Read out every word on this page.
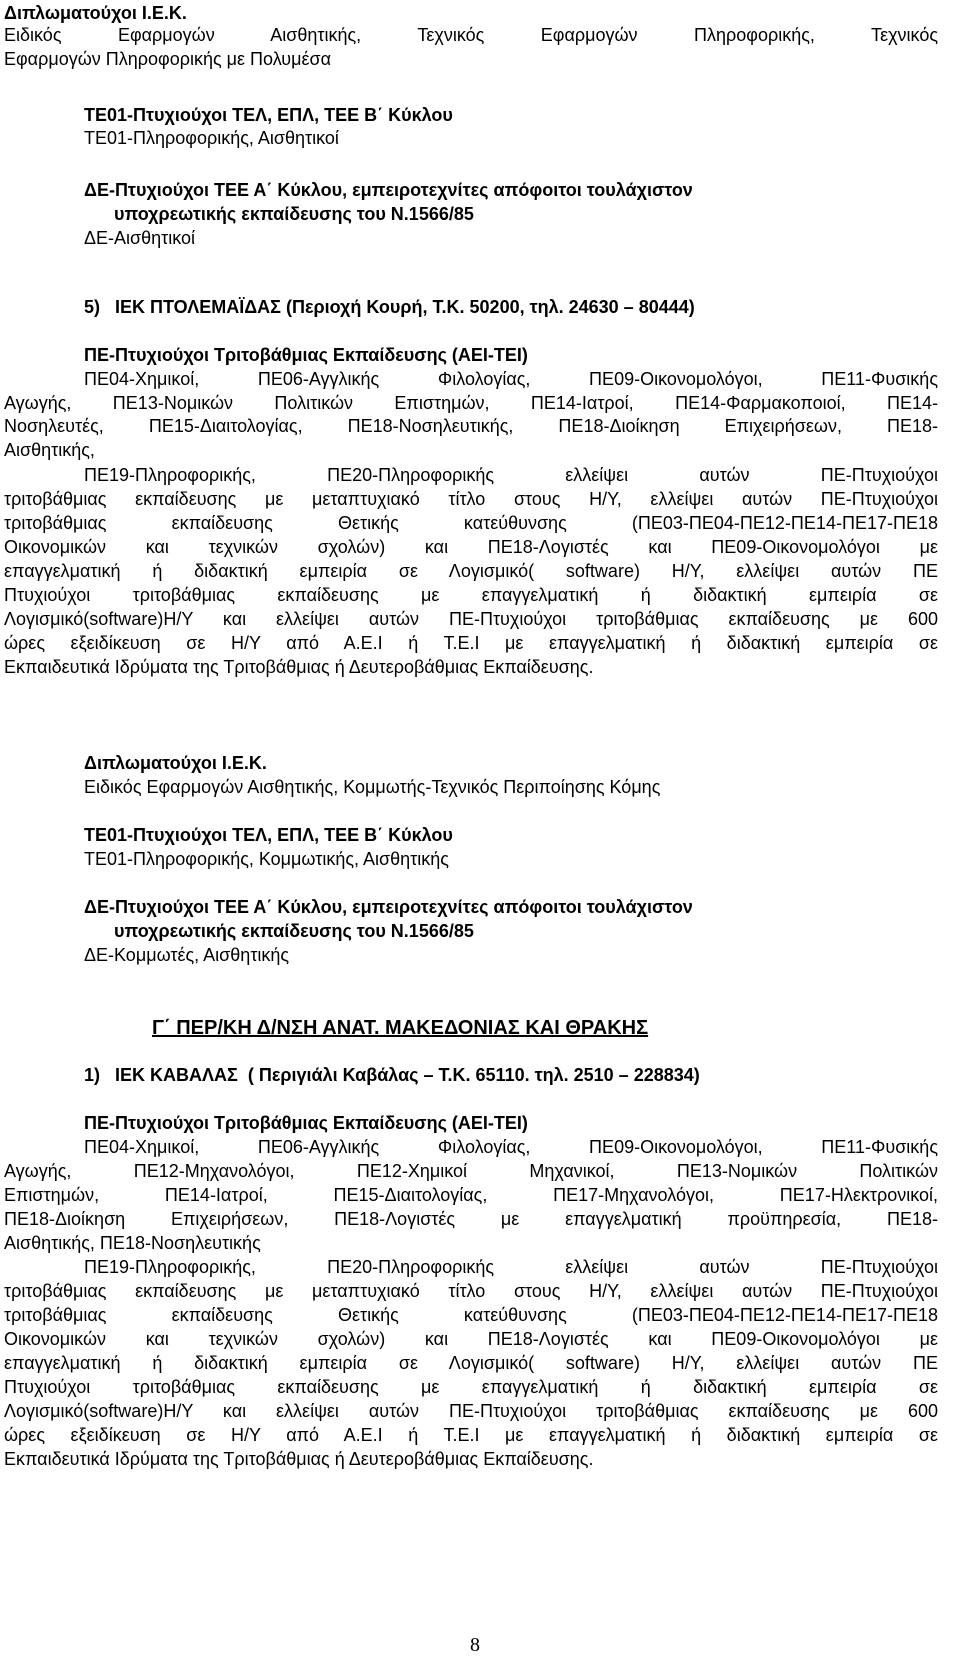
Διπλωματούχοι Ι.Ε.Κ.
Ειδικός Εφαρμογών Αισθητικής, Τεχνικός Εφαρμογών Πληροφορικής, Τεχνικός
Εφαρμογών Πληροφορικής με Πολυμέσα
ΤΕ01-Πτυχιούχοι ΤΕΛ, ΕΠΛ, ΤΕΕ Β΄ Κύκλου
ΤΕ01-Πληροφορικής, Αισθητικοί
ΔΕ-Πτυχιούχοι ΤΕΕ Α΄ Κύκλου, εμπειροτεχνίτες απόφοιτοι τουλάχιστον
υποχρεωτικής εκπαίδευσης του Ν.1566/85
ΔΕ-Αισθητικοί
5)   ΙΕΚ ΠΤΟΛΕΜΑΪΔΑΣ (Περιοχή Κουρή, Τ.Κ. 50200, τηλ. 24630 – 80444)
ΠΕ-Πτυχιούχοι Τριτοβάθμιας Εκπαίδευσης (ΑΕΙ-ΤΕΙ)
ΠΕ04-Χημικοί, ΠΕ06-Αγγλικής Φιλολογίας, ΠΕ09-Οικονομολόγοι, ΠΕ11-Φυσικής
Αγωγής, ΠΕ13-Νομικών Πολιτικών Επιστημών, ΠΕ14-Ιατροί, ΠΕ14-Φαρμακοποιοί, ΠΕ14-
Νοσηλευτές, ΠΕ15-Διαιτολογίας, ΠΕ18-Νοσηλευτικής, ΠΕ18-Διοίκηση Επιχειρήσεων, ΠΕ18-
Αισθητικής,
ΠΕ19-Πληροφορικής, ΠΕ20-Πληροφορικής ελλείψει αυτών ΠΕ-Πτυχιούχοι
τριτοβάθμιας εκπαίδευσης με μεταπτυχιακό τίτλο στους Η/Υ, ελλείψει αυτών ΠΕ-Πτυχιούχοι
τριτοβάθμιας εκπαίδευσης Θετικής κατεύθυνσης (ΠΕ03-ΠΕ04-ΠΕ12-ΠΕ14-ΠΕ17-ΠΕ18
Οικονομικών και τεχνικών σχολών) και ΠΕ18-Λογιστές και ΠΕ09-Οικονομολόγοι με
επαγγελματική ή διδακτική εμπειρία σε Λογισμικό( software) Η/Υ, ελλείψει αυτών ΠΕ
Πτυχιούχοι τριτοβάθμιας εκπαίδευσης με επαγγελματική ή διδακτική εμπειρία σε
Λογισμικό(software)Η/Υ και ελλείψει αυτών ΠΕ-Πτυχιούχοι τριτοβάθμιας εκπαίδευσης με 600
ώρες εξειδίκευση σε Η/Υ από Α.Ε.Ι ή Τ.Ε.Ι με επαγγελματική ή διδακτική εμπειρία σε
Εκπαιδευτικά Ιδρύματα της Τριτοβάθμιας ή Δευτεροβάθμιας Εκπαίδευσης.
Διπλωματούχοι Ι.Ε.Κ.
Ειδικός Εφαρμογών Αισθητικής, Κομμωτής-Τεχνικός Περιποίησης Κόμης
ΤΕ01-Πτυχιούχοι ΤΕΛ, ΕΠΛ, ΤΕΕ Β΄ Κύκλου
ΤΕ01-Πληροφορικής, Κομμωτικής, Αισθητικής
ΔΕ-Πτυχιούχοι ΤΕΕ Α΄ Κύκλου, εμπειροτεχνίτες απόφοιτοι τουλάχιστον
υποχρεωτικής εκπαίδευσης του Ν.1566/85
ΔΕ-Κομμωτές, Αισθητικής
Γ΄ ΠΕΡ/ΚΗ Δ/ΝΣΗ ΑΝΑΤ. ΜΑΚΕΔΟΝΙΑΣ ΚΑΙ ΘΡΑΚΗΣ
1)   ΙΕΚ ΚΑΒΑΛΑΣ  ( Περιγιάλι Καβάλας – Τ.Κ. 65110. τηλ. 2510 – 228834)
ΠΕ-Πτυχιούχοι Τριτοβάθμιας Εκπαίδευσης (ΑΕΙ-ΤΕΙ)
ΠΕ04-Χημικοί, ΠΕ06-Αγγλικής Φιλολογίας, ΠΕ09-Οικονομολόγοι, ΠΕ11-Φυσικής
Αγωγής, ΠΕ12-Μηχανολόγοι, ΠΕ12-Χημικοί Μηχανικοί, ΠΕ13-Νομικών Πολιτικών
Επιστημών, ΠΕ14-Ιατροί, ΠΕ15-Διαιτολογίας, ΠΕ17-Μηχανολόγοι, ΠΕ17-Ηλεκτρονικοί,
ΠΕ18-Διοίκηση Επιχειρήσεων, ΠΕ18-Λογιστές με επαγγελματική προϋπηρεσία, ΠΕ18-
Αισθητικής, ΠΕ18-Νοσηλευτικής
ΠΕ19-Πληροφορικής, ΠΕ20-Πληροφορικής ελλείψει αυτών ΠΕ-Πτυχιούχοι
τριτοβάθμιας εκπαίδευσης με μεταπτυχιακό τίτλο στους Η/Υ, ελλείψει αυτών ΠΕ-Πτυχιούχοι
τριτοβάθμιας εκπαίδευσης Θετικής κατεύθυνσης (ΠΕ03-ΠΕ04-ΠΕ12-ΠΕ14-ΠΕ17-ΠΕ18
Οικονομικών και τεχνικών σχολών) και ΠΕ18-Λογιστές και ΠΕ09-Οικονομολόγοι με
επαγγελματική ή διδακτική εμπειρία σε Λογισμικό( software) Η/Υ, ελλείψει αυτών ΠΕ
Πτυχιούχοι τριτοβάθμιας εκπαίδευσης με επαγγελματική ή διδακτική εμπειρία σε
Λογισμικό(software)Η/Υ και ελλείψει αυτών ΠΕ-Πτυχιούχοι τριτοβάθμιας εκπαίδευσης με 600
ώρες εξειδίκευση σε Η/Υ από Α.Ε.Ι ή Τ.Ε.Ι με επαγγελματική ή διδακτική εμπειρία σε
Εκπαιδευτικά Ιδρύματα της Τριτοβάθμιας ή Δευτεροβάθμιας Εκπαίδευσης.
8
